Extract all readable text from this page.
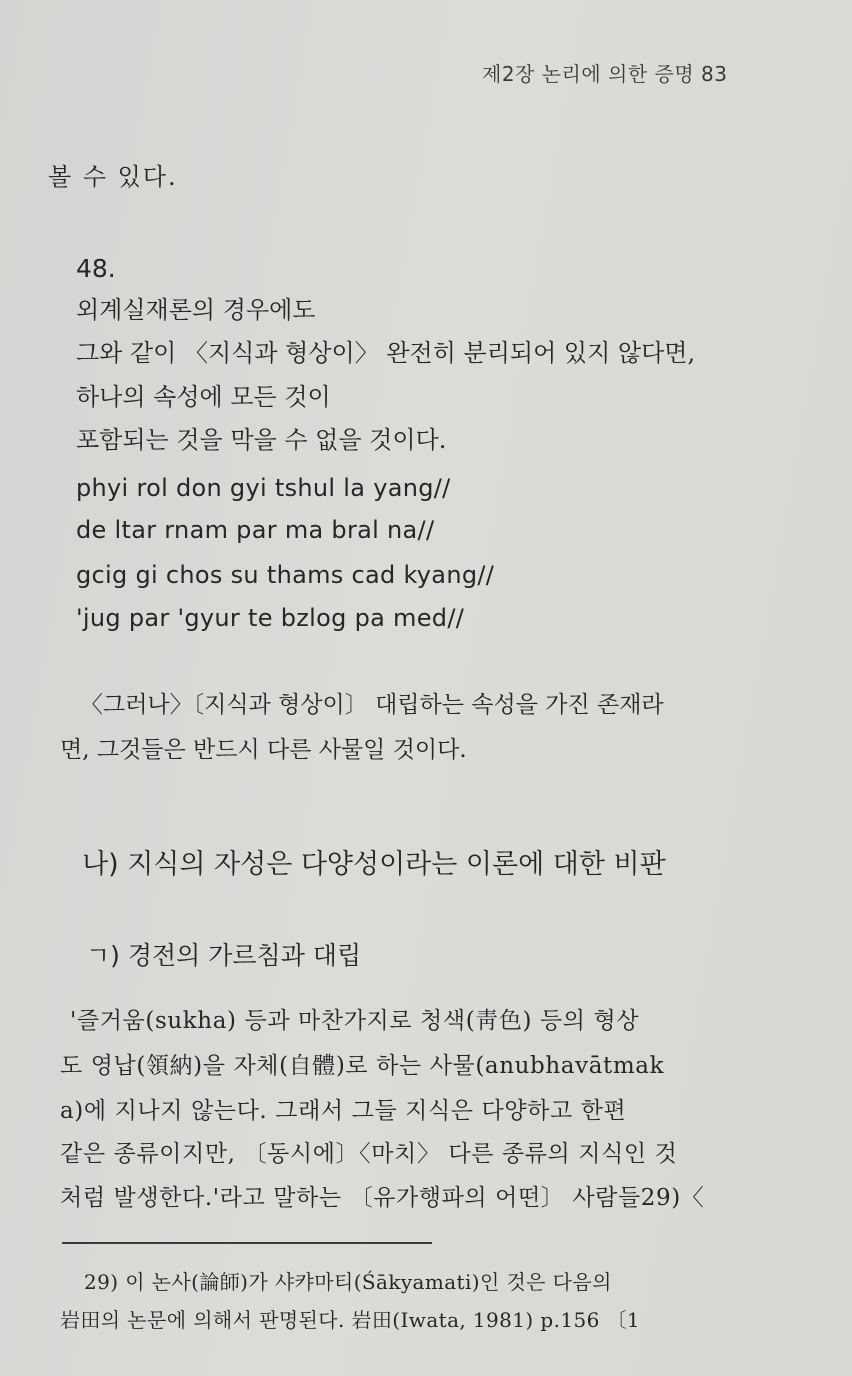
제2장 논리에 의한 증명 83
볼 수 있다.
48.
외계실재론의 경우에도
그와 같이 〈지식과 형상이〉 완전히 분리되어 있지 않다면,
하나의 속성에 모든 것이
포함되는 것을 막을 수 없을 것이다.
phyi rol don gyi tshul la yang//
de ltar rnam par ma bral na//
gcig gi chos su thams cad kyang//
'jug par 'gyur te bzlog pa med//
〈그러나〉〔지식과 형상이〕 대립하는 속성을 가진 존재라
면, 그것들은 반드시 다른 사물일 것이다.
나) 지식의 자성은 다양성이라는 이론에 대한 비판
ㄱ) 경전의 가르침과 대립
'즐거움(sukha) 등과 마찬가지로 청색(靑色) 등의 형상
도 영납(領納)을 자체(自體)로 하는 사물(anubhavātmak
a)에 지나지 않는다. 그래서 그들 지식은 다양하고 한편
같은 종류이지만, 〔동시에〕〈마치〉 다른 종류의 지식인 것
처럼 발생한다.'라고 말하는 〔유가행파의 어떤〕 사람들29)〈
29) 이 논사(論師)가 샤캬마티(Śākyamati)인 것은 다음의
岩田의 논문에 의해서 판명된다. 岩田(Iwata, 1981) p.156 〔1
